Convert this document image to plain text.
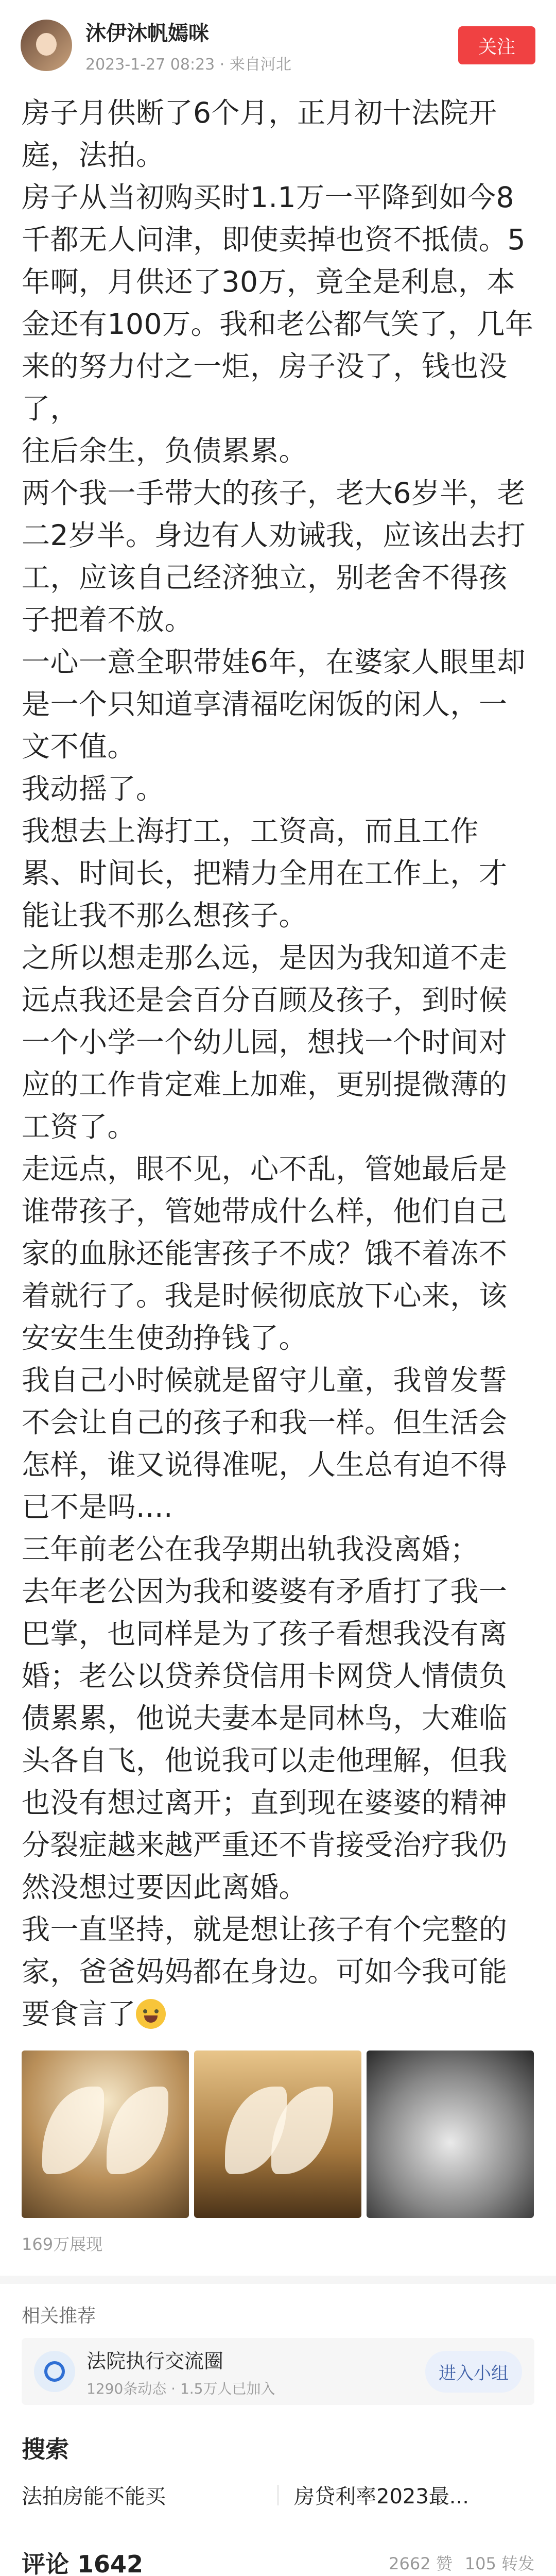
沐伊沐帆嫣咪
2023-1-27 08:23 · 来自河北
关注

房子月供断了6个月，正月初十法院开庭，法拍。

房子从当初购买时1.1万一平降到如今8千都无人问津，即使卖掉也资不抵债。5年啊，月供还了30万，竟全是利息，本金还有100万。我和老公都气笑了，几年来的努力付之一炬，房子没了，钱也没了，

往后余生，负债累累。

两个我一手带大的孩子，老大6岁半，老二2岁半。身边有人劝诫我，应该出去打工，应该自己经济独立，别老舍不得孩子把着不放。

一心一意全职带娃6年，在婆家人眼里却是一个只知道享清福吃闲饭的闲人，一文不值。

我动摇了。

我想去上海打工，工资高，而且工作累、时间长，把精力全用在工作上，才能让我不那么想孩子。

之所以想走那么远，是因为我知道不走远点我还是会百分百顾及孩子，到时候一个小学一个幼儿园，想找一个时间对应的工作肯定难上加难，更别提微薄的工资了。

走远点，眼不见，心不乱，管她最后是谁带孩子，管她带成什么样，他们自己家的血脉还能害孩子不成？饿不着冻不着就行了。我是时候彻底放下心来，该安安生生使劲挣钱了。

我自己小时候就是留守儿童，我曾发誓不会让自己的孩子和我一样。但生活会怎样，谁又说得准呢，人生总有迫不得已不是吗....

三年前老公在我孕期出轨我没离婚；

去年老公因为我和婆婆有矛盾打了我一巴掌，也同样是为了孩子看想我没有离婚；老公以贷养贷信用卡网贷人情债负债累累，他说夫妻本是同林鸟，大难临头各自飞，他说我可以走他理解，但我也没有想过离开；直到现在婆婆的精神分裂症越来越严重还不肯接受治疗我仍然没想过要因此离婚。

我一直坚持，就是想让孩子有个完整的家，爸爸妈妈都在身边。可如今我可能要食言了

169万展现
相关推荐
法院执行交流圈
1290条动态 · 1.5万人已加入
进入小组
搜索
法拍房能不能买	房贷利率2023最...
评论 1642	2662 赞 105 转发
